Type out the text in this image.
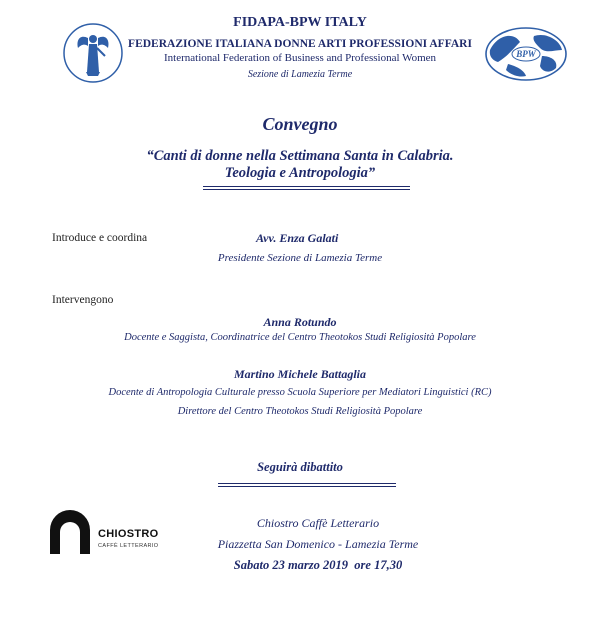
BPW
FIDAPA-BPW ITALY
FEDERAZIONE ITALIANA DONNE ARTI PROFESSIONI AFFARI
International Federation of Business and Professional Women
Sezione di Lamezia Terme
Convegno
“Canti di donne nella Settimana Santa in Calabria.
Teologia e Antropologia”
Introduce e coordina	Avv. Enza Galati
Presidente Sezione di Lamezia Terme
Intervengono
Anna Rotundo
Docente e Saggista, Coordinatrice del Centro Theotokos Studi Religiosità Popolare
Martino Michele Battaglia
Docente di Antropologia Culturale presso Scuola Superiore per Mediatori Linguistici (RC)
Direttore del Centro Theotokos Studi Religiosità Popolare
Seguirà dibattito
CHIOSTRO
CAFFÈ LETTERARIO
Chiostro Caffè Letterario
Piazzetta San Domenico - Lamezia Terme
Sabato 23 marzo 2019  ore 17,30
